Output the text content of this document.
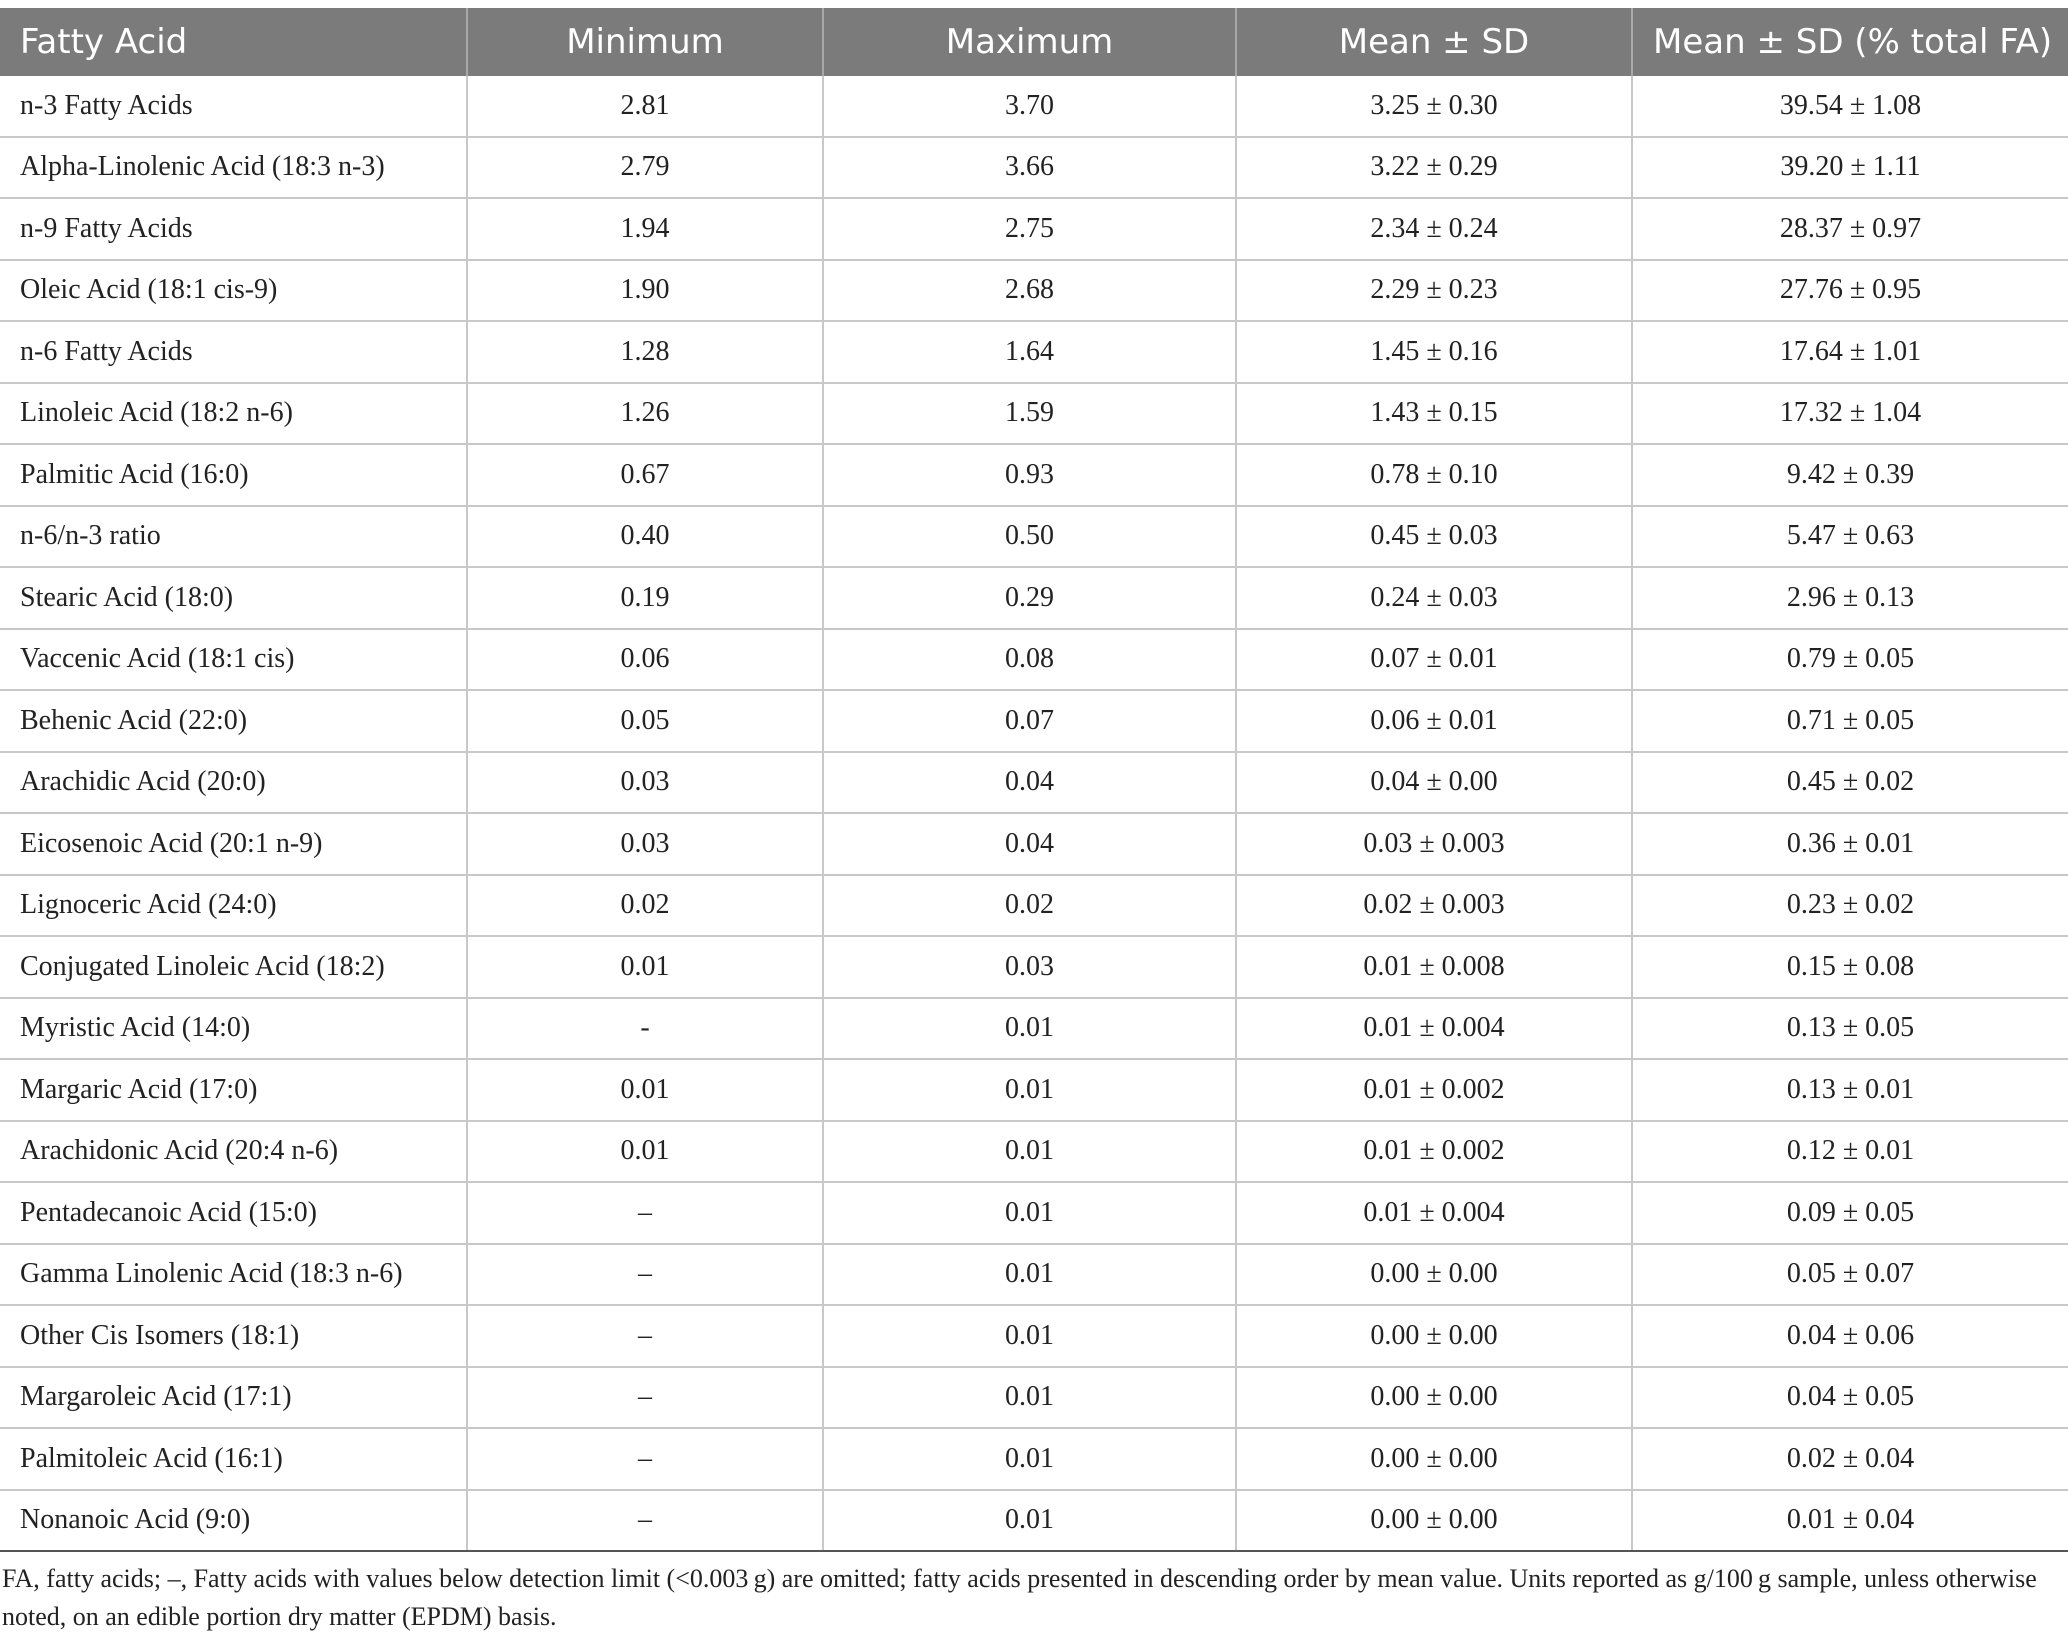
Fatty Acid	Minimum	Maximum	Mean ± SD	Mean ± SD (% total FA)
n-3 Fatty Acids	2.81	3.70	3.25 ± 0.30	39.54 ± 1.08
Alpha-Linolenic Acid (18:3 n-3)	2.79	3.66	3.22 ± 0.29	39.20 ± 1.11
n-9 Fatty Acids	1.94	2.75	2.34 ± 0.24	28.37 ± 0.97
Oleic Acid (18:1 cis-9)	1.90	2.68	2.29 ± 0.23	27.76 ± 0.95
n-6 Fatty Acids	1.28	1.64	1.45 ± 0.16	17.64 ± 1.01
Linoleic Acid (18:2 n-6)	1.26	1.59	1.43 ± 0.15	17.32 ± 1.04
Palmitic Acid (16:0)	0.67	0.93	0.78 ± 0.10	9.42 ± 0.39
n-6/n-3 ratio	0.40	0.50	0.45 ± 0.03	5.47 ± 0.63
Stearic Acid (18:0)	0.19	0.29	0.24 ± 0.03	2.96 ± 0.13
Vaccenic Acid (18:1 cis)	0.06	0.08	0.07 ± 0.01	0.79 ± 0.05
Behenic Acid (22:0)	0.05	0.07	0.06 ± 0.01	0.71 ± 0.05
Arachidic Acid (20:0)	0.03	0.04	0.04 ± 0.00	0.45 ± 0.02
Eicosenoic Acid (20:1 n-9)	0.03	0.04	0.03 ± 0.003	0.36 ± 0.01
Lignoceric Acid (24:0)	0.02	0.02	0.02 ± 0.003	0.23 ± 0.02
Conjugated Linoleic Acid (18:2)	0.01	0.03	0.01 ± 0.008	0.15 ± 0.08
Myristic Acid (14:0)	-	0.01	0.01 ± 0.004	0.13 ± 0.05
Margaric Acid (17:0)	0.01	0.01	0.01 ± 0.002	0.13 ± 0.01
Arachidonic Acid (20:4 n-6)	0.01	0.01	0.01 ± 0.002	0.12 ± 0.01
Pentadecanoic Acid (15:0)	–	0.01	0.01 ± 0.004	0.09 ± 0.05
Gamma Linolenic Acid (18:3 n-6)	–	0.01	0.00 ± 0.00	0.05 ± 0.07
Other Cis Isomers (18:1)	–	0.01	0.00 ± 0.00	0.04 ± 0.06
Margaroleic Acid (17:1)	–	0.01	0.00 ± 0.00	0.04 ± 0.05
Palmitoleic Acid (16:1)	–	0.01	0.00 ± 0.00	0.02 ± 0.04
Nonanoic Acid (9:0)	–	0.01	0.00 ± 0.00	0.01 ± 0.04
FA, fatty acids; –, Fatty acids with values below detection limit (<0.003 g) are omitted; fatty acids presented in descending order by mean value. Units reported as g/100 g sample, unless otherwise noted, on an edible portion dry matter (EPDM) basis.
